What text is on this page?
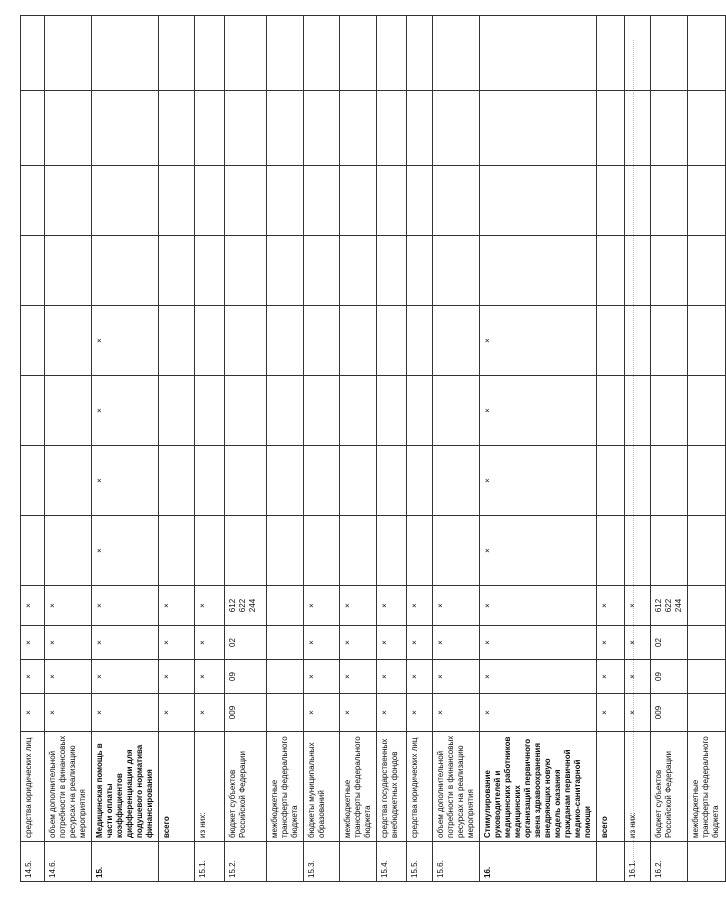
14.5.	средства юридических лиц	×	×	×	×								
14.6.	объем дополнительной потребности в финансовых ресурсах на реализацию мероприятия	×	×	×	×								
15.	Медицинская помощь в части оплаты коэффициентов дифференциации для подушевого норматива финансирования	×	×	×	×	×	×	×	×				
	всего	×	×	×	×								
15.1.	из них:	×	×	×	×								
15.2.	бюджет субъектов Российской Федерации	009	09	02	612 622 244								

	межбюджетные трансферты федерального бюджета												
15.3.	бюджеты муниципальных образований	×	×	×	×								
	межбюджетные трансферты федерального бюджета	×	×	×	×								
15.4.	средства государственных внебюджетных фондов	×	×	×	×								
15.5.	средства юридических лиц	×	×	×	×								
15.6.	объем дополнительной потребности в финансовых ресурсах на реализацию мероприятия	×	×	×	×								
16.	Стимулирование руководителей и медицинских работников медицинских организаций первичного звена здравоохранения внедряющих новую модель оказания гражданам первичной медико-санитарной помощи	×	×	×	×	×	×	×	×				
	всего	×	×	×	×								
16.1.	из них:	×	×	×	×								
16.2.	бюджет субъектов Российской Федерации	009	09	02	612 622 244								

	межбюджетные трансферты федерального бюджета												
